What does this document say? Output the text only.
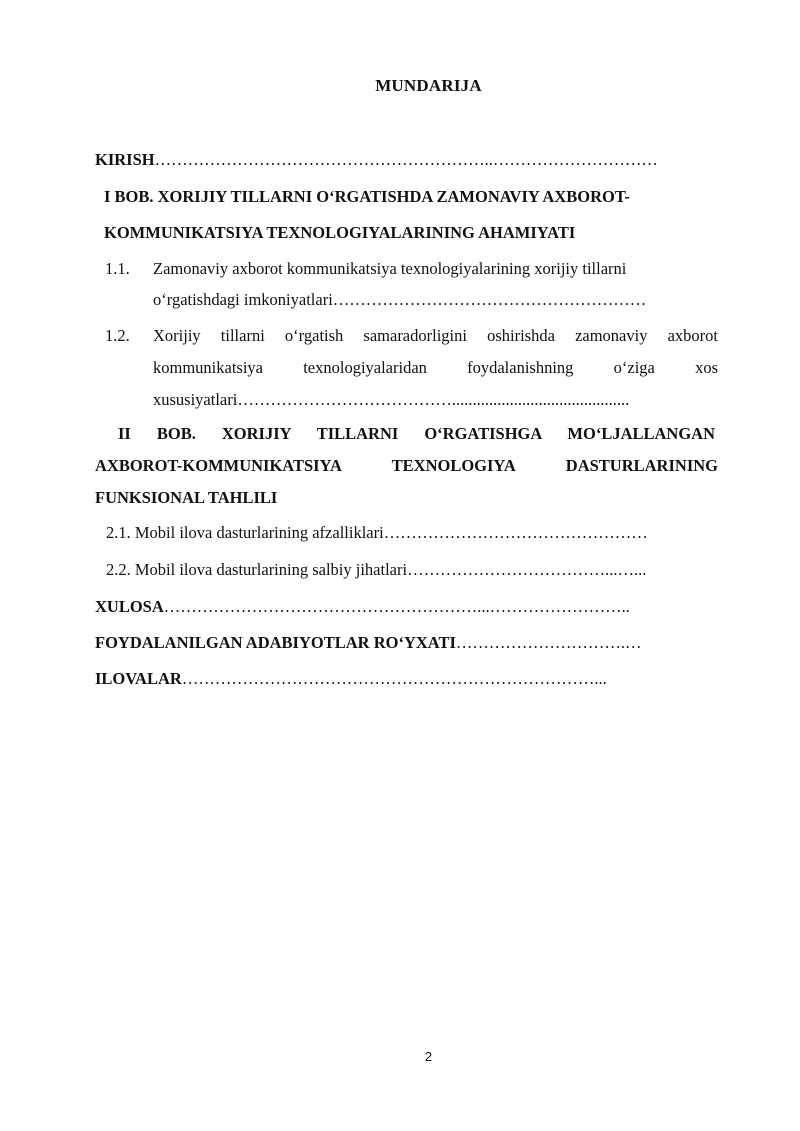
MUNDARIJA
KIRISH……………………………………………………..…………………………
I BOB. XORIJIY TILLARNI O‘RGATISHDA ZAMONAVIY AXBOROT-
KOMMUNIKATSIYA TEXNOLOGIYALARINING AHAMIYATI
1.1. Zamonaviy axborot kommunikatsiya texnologiyalarining xorijiy tillarni
o‘rgatishdagi imkoniyatlari…………………………………………………
1.2. Xorijiy tillarni o‘rgatish samaradorligini oshirishda zamonaviy axborot
kommunikatsiya texnologiyalaridan foydalanishning o‘ziga xos
xususiyatlari…………………………………...........................................
II BOB. XORIJIY TILLARNI O‘RGATISHGA MO‘LJALLANGAN
AXBOROT-KOMMUNIKATSIYA TEXNOLOGIYA DASTURLARINING
FUNKSIONAL TAHLILI
2.1. Mobil ilova dasturlarining afzalliklari…………………………………………
2.2. Mobil ilova dasturlarining salbiy jihatlari………………………………...…...
XULOSA…………………………………………………...……………………..
FOYDALANILGAN ADABIYOTLAR RO‘YXATI………………………….…
ILOVALAR…………………………………………………………………...
2
